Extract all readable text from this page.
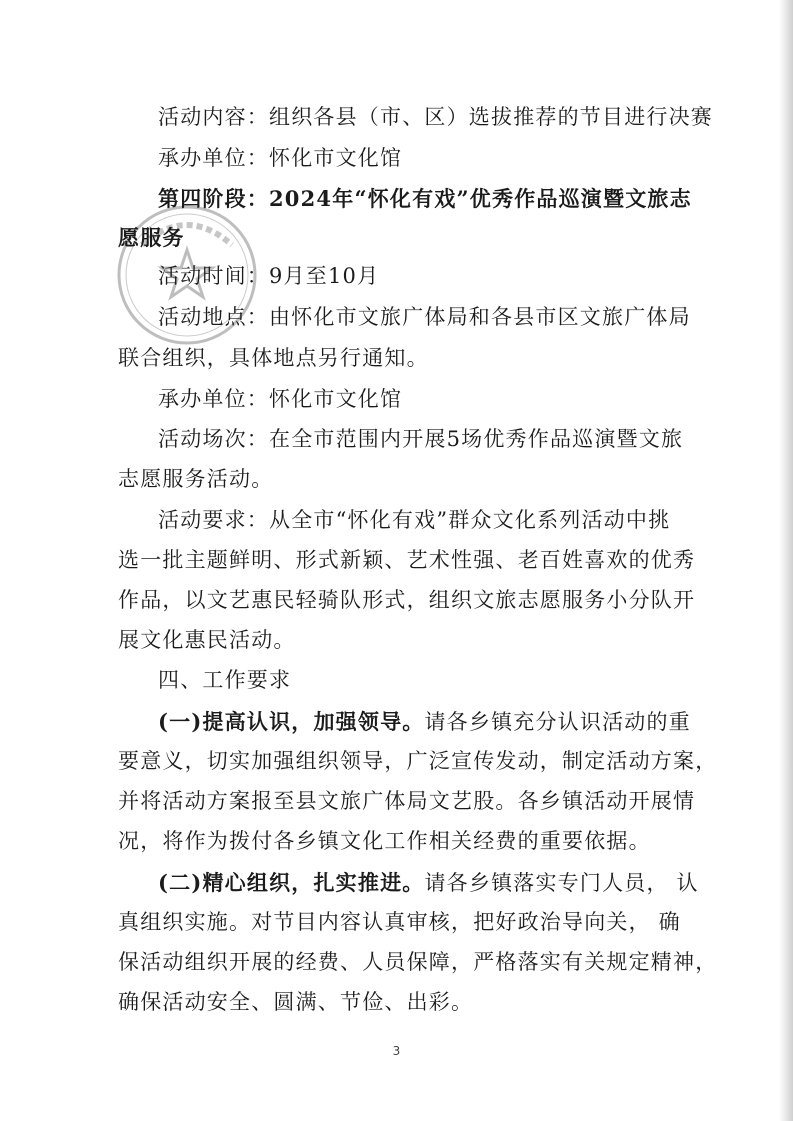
活动内容：组织各县（市、区）选拔推荐的节目进行决赛
承办单位：怀化市文化馆
第四阶段：2024年“怀化有戏”优秀作品巡演暨文旅志
愿服务
活动时间：9月至10月
活动地点：由怀化市文旅广体局和各县市区文旅广体局
联合组织，具体地点另行通知。
承办单位：怀化市文化馆
活动场次：在全市范围内开展5场优秀作品巡演暨文旅
志愿服务活动。
活动要求：从全市“怀化有戏”群众文化系列活动中挑
选一批主题鲜明、形式新颖、艺术性强、老百姓喜欢的优秀
作品，以文艺惠民轻骑队形式，组织文旅志愿服务小分队开
展文化惠民活动。
四、工作要求
(一)提高认识，加强领导。请各乡镇充分认识活动的重
要意义，切实加强组织领导，广泛宣传发动，制定活动方案，
并将活动方案报至县文旅广体局文艺股。各乡镇活动开展情
况，将作为拨付各乡镇文化工作相关经费的重要依据。
(二)精心组织，扎实推进。请各乡镇落实专门人员， 认
真组织实施。对节目内容认真审核，把好政治导向关， 确
保活动组织开展的经费、人员保障，严格落实有关规定精神，
确保活动安全、圆满、节俭、出彩。
3
